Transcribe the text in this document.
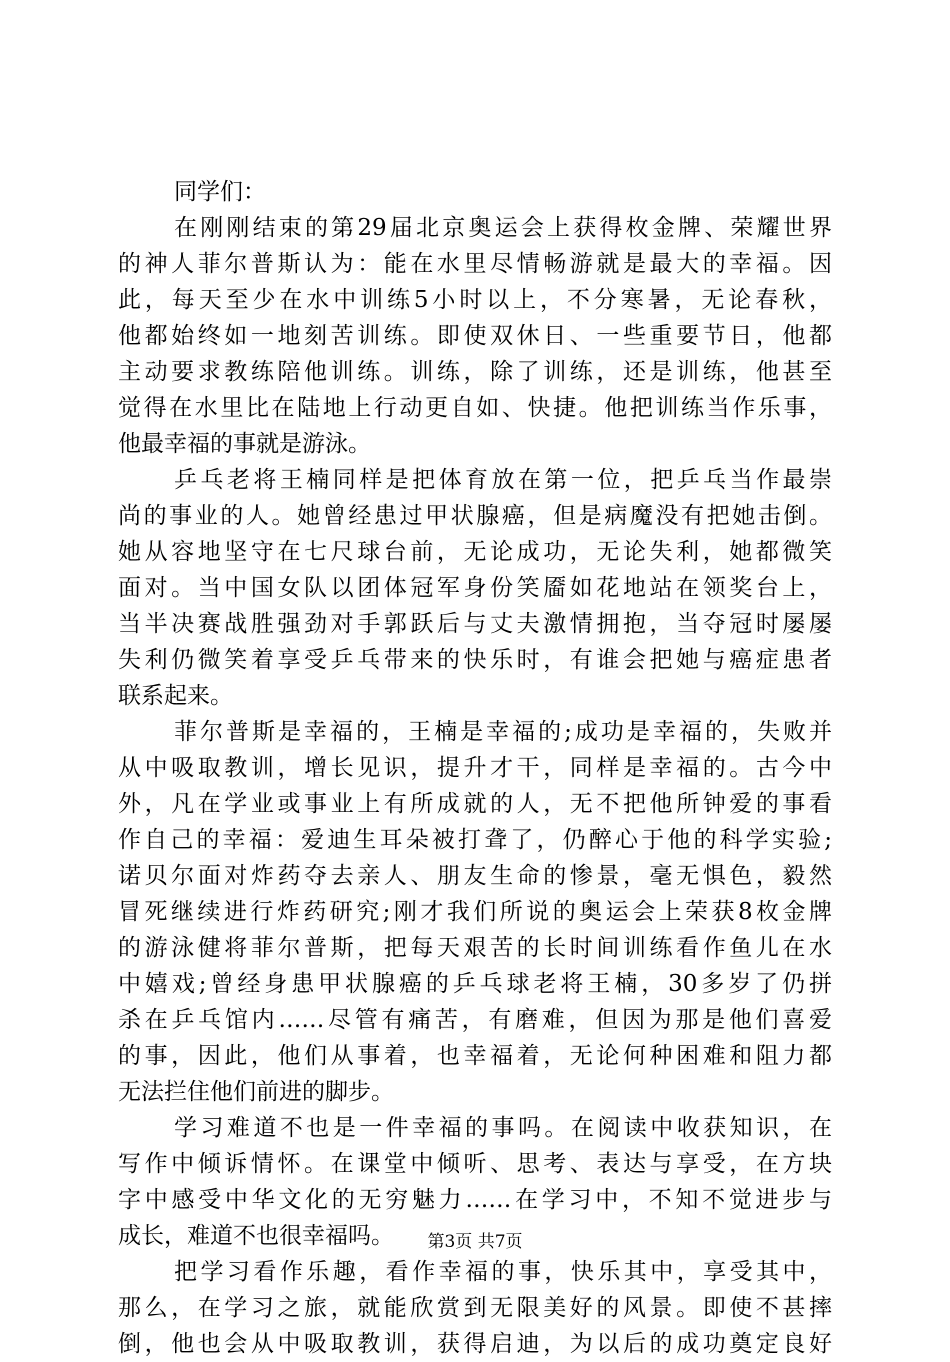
同学们：
在刚刚结束的第29届北京奥运会上获得枚金牌、荣耀世界
的神人菲尔普斯认为：能在水里尽情畅游就是最大的幸福。因
此，每天至少在水中训练5小时以上，不分寒暑，无论春秋，
他都始终如一地刻苦训练。即使双休日、一些重要节日，他都
主动要求教练陪他训练。训练，除了训练，还是训练，他甚至
觉得在水里比在陆地上行动更自如、快捷。他把训练当作乐事，
他最幸福的事就是游泳。
乒乓老将王楠同样是把体育放在第一位，把乒乓当作最崇
尚的事业的人。她曾经患过甲状腺癌，但是病魔没有把她击倒。
她从容地坚守在七尺球台前，无论成功，无论失利，她都微笑
面对。当中国女队以团体冠军身份笑靥如花地站在领奖台上，
当半决赛战胜强劲对手郭跃后与丈夫激情拥抱，当夺冠时屡屡
失利仍微笑着享受乒乓带来的快乐时，有谁会把她与癌症患者
联系起来。
菲尔普斯是幸福的，王楠是幸福的;成功是幸福的，失败并
从中吸取教训，增长见识，提升才干，同样是幸福的。古今中
外，凡在学业或事业上有所成就的人，无不把他所钟爱的事看
作自己的幸福：爱迪生耳朵被打聋了，仍醉心于他的科学实验;
诺贝尔面对炸药夺去亲人、朋友生命的惨景，毫无惧色，毅然
冒死继续进行炸药研究;刚才我们所说的奥运会上荣获8枚金牌
的游泳健将菲尔普斯，把每天艰苦的长时间训练看作鱼儿在水
中嬉戏;曾经身患甲状腺癌的乒乓球老将王楠，30多岁了仍拼
杀在乒乓馆内……尽管有痛苦，有磨难，但因为那是他们喜爱
的事，因此，他们从事着，也幸福着，无论何种困难和阻力都
无法拦住他们前进的脚步。
学习难道不也是一件幸福的事吗。在阅读中收获知识，在
写作中倾诉情怀。在课堂中倾听、思考、表达与享受，在方块
字中感受中华文化的无穷魅力……在学习中，不知不觉进步与
成长，难道不也很幸福吗。
把学习看作乐趣，看作幸福的事，快乐其中，享受其中，
那么，在学习之旅，就能欣赏到无限美好的风景。即使不甚摔
倒，他也会从中吸取教训，获得启迪，为以后的成功奠定良好
第3页 共7页
